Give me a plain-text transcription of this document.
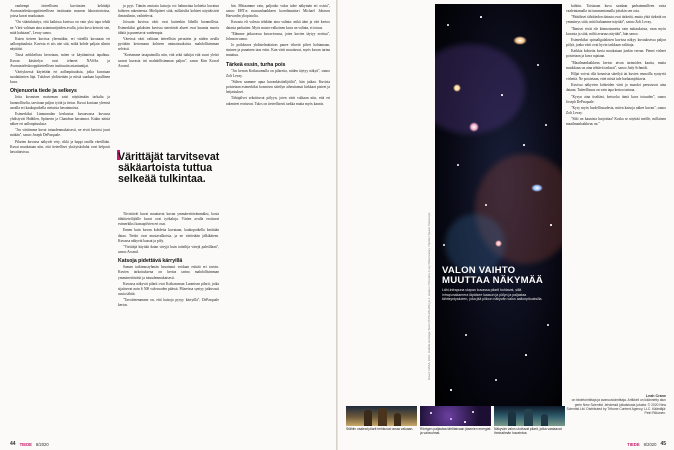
vanhempi tieteellisten kuvitusten kehittäjä Avaruusteleskooppitieteellisen instituutin museon laboratorioissa, joissa kuvat muokataan.

"On väärinkäsitys, että kaikissa kuvissa on vain yksi tapa tehdä ne. Värit valitaan aina asiantuntijoiden avulla, jotta kuva kertoisi sen, mitä halutaan", Levay sanoo.

Kuten tieteen kuvissa yleensäkin, eri väreillä kuvataan eri aallonpituuksia. Kuvista ei siis näe sitä, miltä kohde paljain silmin näyttäisi.

Tässä artikkelissa kerrotaan, miten se käytännössä tapahtuu. Kuvan käsittelyn ovat tehneet NASAn ja Avaruusteleskooppitieteellisen instituutin asiantuntijat.

Värityksessä käytetään eri aallonpituuksia, jotka kuvataan suodattimien läpi. Tulokset yhdistetään ja niistä saadaan lopullinen kuva.

Ohjenuoria tiede ja selkeys

Jotta kosmisen maiseman saisi näyttämään tarkalta ja luonnolliselta, tarvitaan paljon työtä ja tietoa. Kuvat kootaan yleensä usealla eri kaukoputkella otetuista havainnoista.

Esimerkiksi Linnunradan keskustaa kuvaavassa kuvassa yhdistyvät Hubblen, Spitzerin ja Chandran havainnot. Kukin näistä näkee eri aallonpituuksia.

"Jos väritimme kuvat totuudenmukaisesti, ne eivät kertoisi juuri mitään", sanoo Joseph DePasquale.

Pilarien kuvassa näkyvät vety, rikki ja happi omilla väreillään. Kuvat muokataan niin, että tieteelliset yksityiskohdat ovat helposti havaittavissa.

ja pyyt. Tämän ansiosta katsoja voi hahmottaa kohteita kuvatun kohteen rakenteesta. Mielipiteet siitä, millaisilta kohteet näyttäisivät ihmissilmin, vaihtelevat.

Joissain kuvissa värit ovat kuitenkin lähellä luonnollisia. Esimerkiksi galaksien kuvissa sinertävät alueet ovat kuumia nuoria tähtiä ja punertavat vanhempia.

Väreissä värit valitaan tieteellisin perustein ja niiden avulla pyritään kertomaan kohteen ominaisuuksista mahdollisimman selvästi.

"Koetamme tasapainoilla niin, että sekä tutkijat että suuri yleisö saavat kuvasta irti mahdollisimman paljon", sanoo Kim Kowal Arcand.

Värittäjät tarvitsevat säkäartoista tuttua selkeää tulkintaa.

Tiivistävät kuvat muuttavat kuvan ymmärrettävämmäksi, kosta tähtitieteilijöille kuvat ovat työkaluja. Värien avulla erottuvat esimerkiksi kaasupilvien eri osat.

Ennen kuin kuvan kohdetta kuvataan, kaukoputkella kerätään dataa. Tiedot ovat mustavalkoisia, ja ne väritetään jälkikäteen. Kuvassa näkyvät kaasut ja pöly.

"Värittäjä käyttää datan sävyjä kuin taiteilija värejä paletillaan", sanoo Arcand.

Katsoja pidettävä kärryillä

Saman tutkimusryhmän havainnot voidaan esittää eri tavoin. Kuvien tarkoituksena on kertoa tarina mahdollisimman ymmärrettävästi ja totuudenmukaisesti.

Kuvassa näkyvät pilarit ovat Kotkasumun Luomisen pilarit, jotka sijaitsevat noin 6 500 valovuoden päässä. Pilareissa syntyy jatkuvasti uusia tähtiä.

"Tavoitteenamme on, että katsoja pysyy kärryillä", DePasquale kertoo.

hin. Mittaamme vain, paljonko valoa tulee näkymän eri osista", sanoo EHT:n avaruushankkeen koordinaattori Michael Johnson Harvardin yliopistolta.

Kuvasta eli valosta tehdään aina valinta: mikä ääni ja väri kertoo datasta parhaiten. Myös musta-valkoinen kuva on valinta, ei totuus.

"Elämme jatkuvassa kuvavirrassa, joten kuvien täytyy erottua", Johnson sanoo.

Jo poikkeava yhdistelmätaivas panee vihreät pilvet hohtamaan, sininen ja punainen taas esiin. Kun värit muuttuvat, myös kuvan tarina muuttuu.

Tärkeä essin, turha pois

"Jos kerran Kotkasumulla on pilareita, niiden täytyy näkyä", sanoo Zolt Levay.

"Siihen saamme apua kuvankäsittelijöiltä", hän jatkaa. Kuvista poistetaan esimerkiksi kosmisen säteilyn aiheuttamat kirkkaat pisteet ja heijastukset.

Tähtipilvet sekoittuvat pölyyn, joten värit valitaan niin, että eri rakenteet erottuvat. Tulos on tieteellisesti tarkka mutta myös kaunis.

44 TIEDE 8/2020
Kuvat: NASA, ESA, Hubble Heritage Team (STScI/AURA) ja J. Hester / Chandra X-ray Observatory / Spitzer Space Telescope	VALON VAIHTO MUUTTAA NÄKYMÄÄ
Lähi-infrapuna ulapan kuvassa pilarit hohtavat, sillä infrapunakamera läpäisee kaasun ja pölyn ja paljastaa tähtisyntyalueen, joka jää piiloon näkyvän valon aallonpituuksilla.
Ståhlin vaaleat pilarit hehkuvat omaa valoaan.	Röntgen paljastaa tähtitaivaan jäsenien energiat ja valovoimat.
Näkyvän valon ulottuvat pilarit, jotka vastaavat ihmissilmän havaintoa.

kohtiin. Toisinaan kuva saadaan parhaimmilleen vasta vaaleintamalla tai tummentamalla joitakin sen osia.

"Päätökset tähtitiedon datasta ovat tärkeitä, mutta yhtä tärkeää on ymmärrys siitä, mitä haluamme näyttää", sanoo Zolt Levay.

"Ihmiset eivät ole kiinnostuneita vain mittauksista, vaan myös kuvasta ja siitä, miltä avaruus näyttää", hän sanoo.

Esimerkiksi spiraaligalaksien kuvissa näkyy kuvauksessa paljon pölyä, jonka värit ovat hyvin tarkkaan valittuja.

Kaikkia kohteita kuvia muokataan jonkin verran. Pienet virheet poistetaan ja kuva rajataan.

"Maailmankaikkeus kertoo aivan tarinoiden kautta, mutta muokkaus on aina tehtävä tarkasti", sanoo Judy Schmidt.

Hiljat voivat olla kosmisia säteilyä tai kuvien reunoilla syntyviä virheitä. Ne poistetaan, ettei niistä tule harhaanjohtavia.

Kuvissa näkyvien kohteiden värit ja muodot perustuvat aina dataan. Taiteellisuus on vain tapa kertoa tarinaa.

"Kysyn aina itseltäni, kertooko tämä kuva totuuden", sanoo Joseph DePasquale.

"Kysy myös huolellisuudesta, miten katsoja näkee kuvan", sanoo Zolt Levay.

"Silti on kaunista harjoittaa! Koska se näyttää meille, millainen maailmankaikkeus on."

Leah Crane
on tiedetoimittaja ja avaruustoimittaja. Artikkeli on käännetty alun perin New Scientist -lehdessä julkaistusta jutusta. © 2020 New Scientist Ltd. Distributed by Tribune Content Agency, LLC. Kääntäjä: Petri Riikonen.
TIEDE 8/2020 45
